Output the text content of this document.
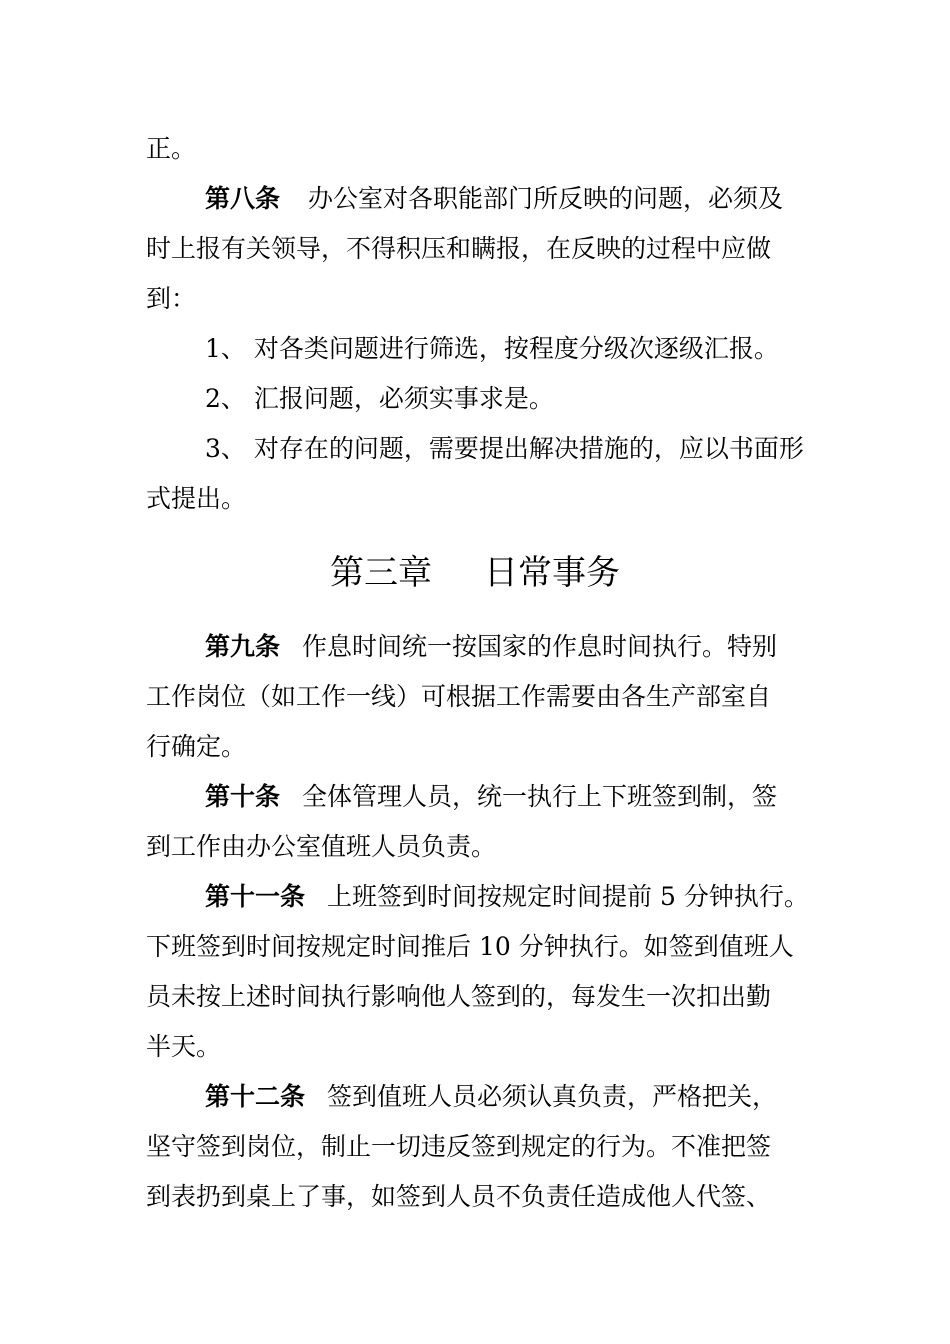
正。
第八条 办公室对各职能部门所反映的问题，必须及
时上报有关领导，不得积压和瞒报，在反映的过程中应做
到：
1、 对各类问题进行筛选，按程度分级次逐级汇报。
2、 汇报问题，必须实事求是。
3、 对存在的问题，需要提出解决措施的，应以书面形
式提出。
第三章 日常事务
第九条 作息时间统一按国家的作息时间执行。特别
工作岗位（如工作一线）可根据工作需要由各生产部室自
行确定。
第十条 全体管理人员，统一执行上下班签到制，签
到工作由办公室值班人员负责。
第十一条 上班签到时间按规定时间提前 5 分钟执行。
下班签到时间按规定时间推后 10 分钟执行。如签到值班人
员未按上述时间执行影响他人签到的，每发生一次扣出勤
半天。
第十二条 签到值班人员必须认真负责，严格把关，
坚守签到岗位，制止一切违反签到规定的行为。不准把签
到表扔到桌上了事，如签到人员不负责任造成他人代签、
